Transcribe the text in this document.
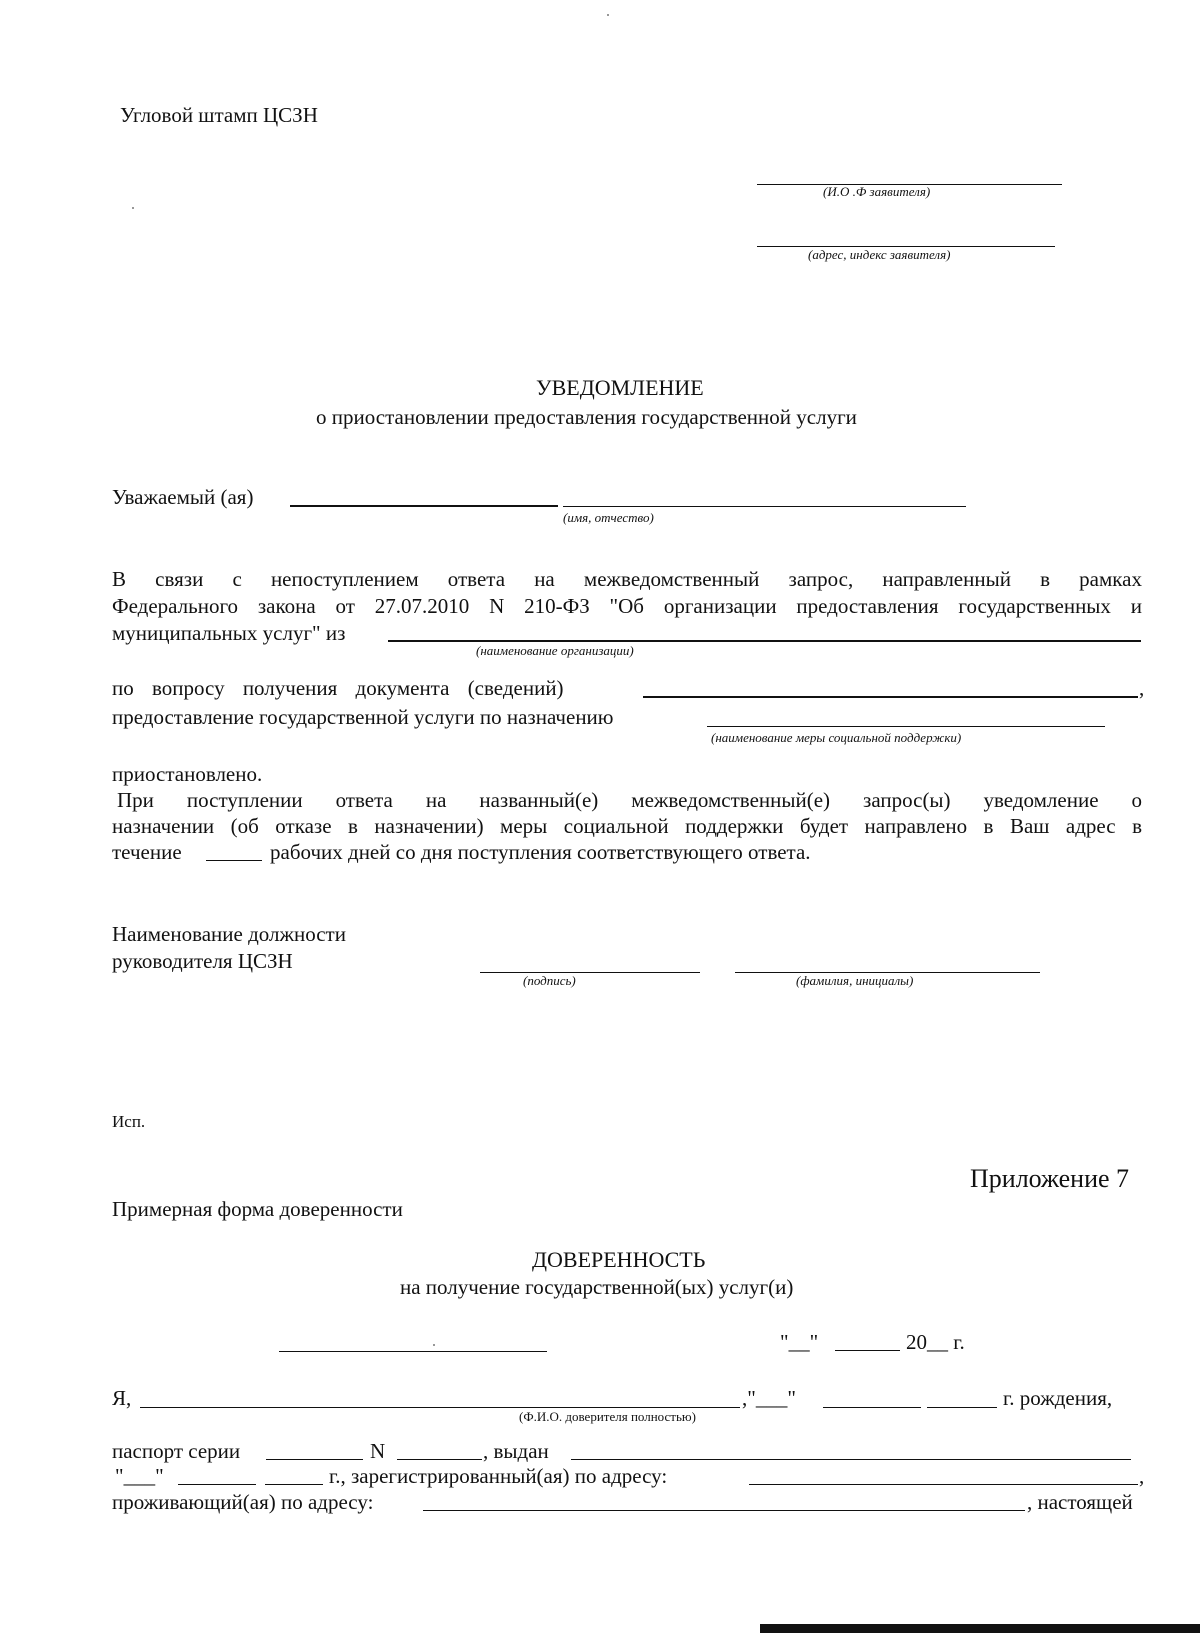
Угловой штамп ЦСЗН
(И.О .Ф заявителя)
(адрес, индекс заявителя)
УВЕДОМЛЕНИЕ
о приостановлении предоставления государственной услуги
Уважаемый (ая)
(имя, отчество)
В связи с непоступлением ответа на межведомственный запрос, направленный в рамках
Федерального закона от 27.07.2010 N 210-ФЗ "Об организации предоставления государственных и
муниципальных услуг" из
(наименование организации)
по вопросу получения документа (сведений)	,
предоставление государственной услуги по назначению
(наименование меры социальной поддержки)
приостановлено.
При поступлении ответа на названный(е) межведомственный(е) запрос(ы) уведомление о
назначении (об отказе в назначении) меры социальной поддержки будет направлено в Ваш адрес в
течение	рабочих дней со дня поступления соответствующего ответа.
Наименование должности
руководителя ЦСЗН
(подпись)	(фамилия, инициалы)
Исп.
Приложение 7
Примерная форма доверенности
ДОВЕРЕННОСТЬ
на получение государственной(ых) услуг(и)
"__"	20__ г.
Я,	,"___"	г. рождения,
(Ф.И.О. доверителя полностью)
паспорт серии	N	, выдан
"___"	г., зарегистрированный(ая) по адресу:	,
проживающий(ая) по адресу:	, настоящей
